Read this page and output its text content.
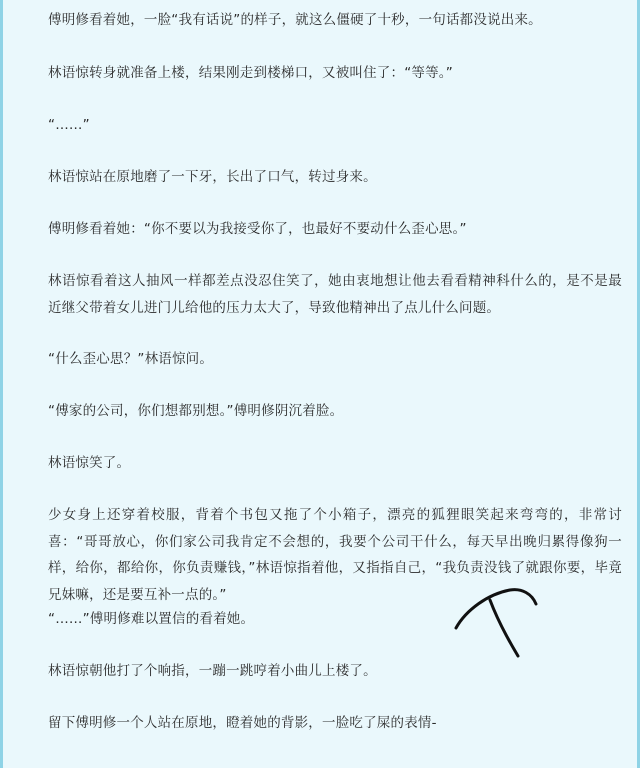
傅明修看着她，一脸“我有话说”的样子，就这么僵硬了十秒，一句话都没说出来。

林语惊转身就准备上楼，结果刚走到楼梯口，又被叫住了：“等等。”

“……”

林语惊站在原地磨了一下牙，长出了口气，转过身来。

傅明修看着她：“你不要以为我接受你了，也最好不要动什么歪心思。”

林语惊看着这人抽风一样都差点没忍住笑了，她由衷地想让他去看看精神科什么的，是不是最近继父带着女儿进门儿给他的压力太大了，导致他精神出了点儿什么问题。

“什么歪心思？”林语惊问。

“傅家的公司，你们想都别想。”傅明修阴沉着脸。

林语惊笑了。

少女身上还穿着校服，背着个书包又拖了个小箱子，漂亮的狐狸眼笑起来弯弯的，非常讨喜：“哥哥放心，你们家公司我肯定不会想的，我要个公司干什么，每天早出晚归累得像狗一样，给你，都给你，你负责赚钱，”林语惊指着他，又指指自己，“我负责没钱了就跟你要，毕竟兄妹嘛，还是要互补一点的。”

“……”傅明修难以置信的看着她。

林语惊朝他打了个响指，一蹦一跳哼着小曲儿上楼了。

留下傅明修一个人站在原地，瞪着她的背影，一脸吃了屎的表情-
